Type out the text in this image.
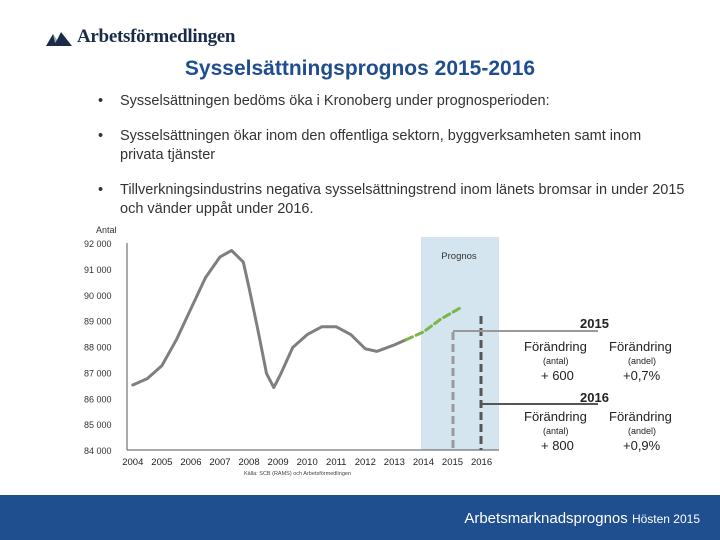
Arbetsförmedlingen
Sysselsättningsprognos 2015-2016
• Sysselsättningen bedöms öka i Kronoberg under prognosperioden:
• Sysselsättningen ökar inom den offentliga sektorn, byggverksamheten samt inom privata tjänster
• Tillverkningsindustrins negativa sysselsättningstrend inom länets bromsar in under 2015 och vänder uppåt under 2016.
Prognos
Antal
92 000
91 000
90 000
89 000
88 000
87 000
86 000
85 000
84 000
2004 2005 2006 2007 2008 2009 2010 2011 2012 2013 2014 2015 2016
Källa: SCB (RAMS) och Arbetsförmedlingen
2015
Förändring Förändring
(antal)	(andel)
+ 600	+0,7%
2016
Förändring Förändring
(antal)	(andel)
+ 800	+0,9%
Arbetsmarknadsprognos Hösten 2015
